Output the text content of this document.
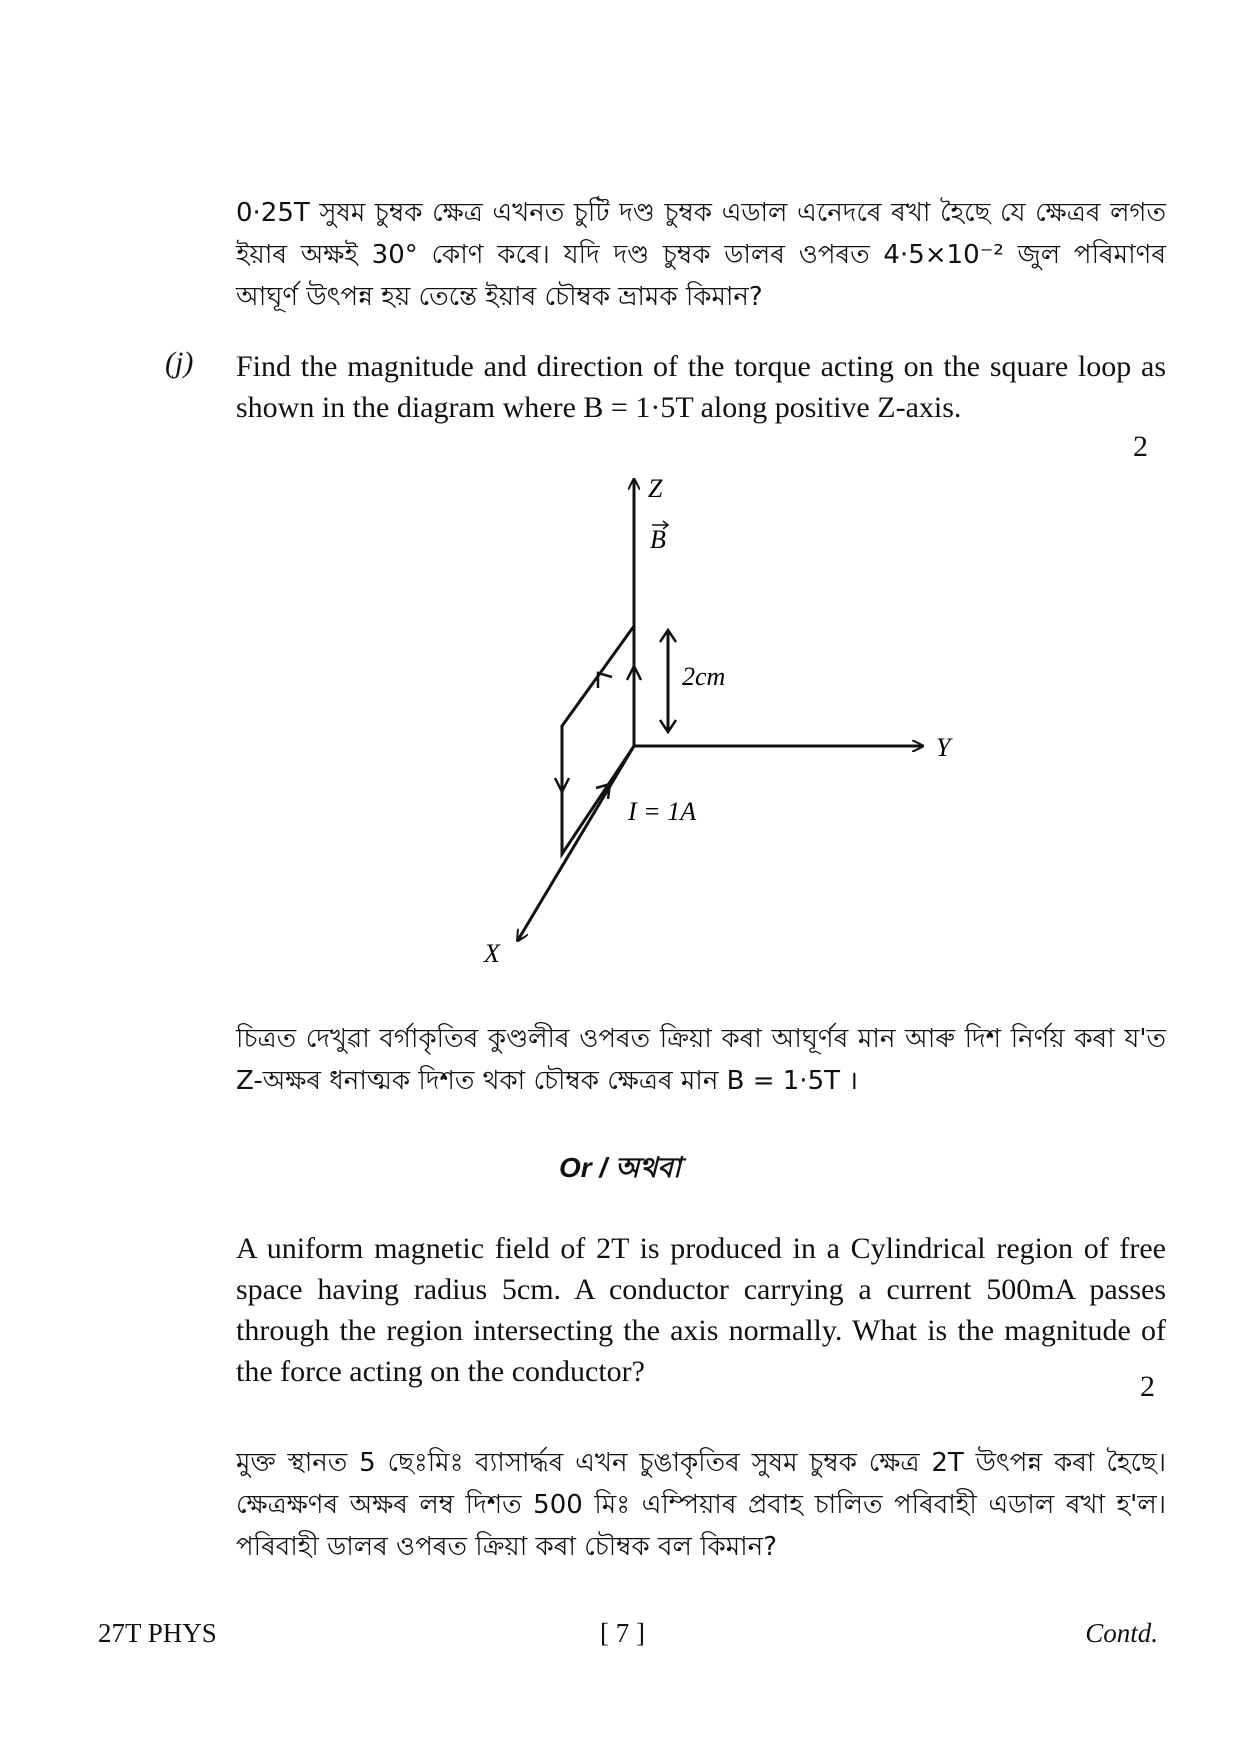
0·25T সুষম চুম্বক ক্ষেত্র এখনত চুটি দণ্ড চুম্বক এডাল এনেদৰে ৰখা হৈছে যে ক্ষেত্রৰ লগত ইয়াৰ অক্ষই 30° কোণ কৰে। যদি দণ্ড চুম্বক ডালৰ ওপৰত 4·5×10⁻² জুল পৰিমাণৰ আঘূৰ্ণ উৎপন্ন হয় তেন্তে ইয়াৰ চৌম্বক ভ্ৰামক কিমান?
(j) Find the magnitude and direction of the torque acting on the square loop as shown in the diagram where B = 1·5T along positive Z-axis.
2
Z
B
2cm
Y
I = 1A
X
চিত্রত দেখুৱা বৰ্গাকৃতিৰ কুণ্ডলীৰ ওপৰত ক্রিয়া কৰা আঘূৰ্ণৰ মান আৰু দিশ নিৰ্ণয় কৰা য'ত Z-অক্ষৰ ধনাত্মক দিশত থকা চৌম্বক ক্ষেত্রৰ মান B = 1·5T ।
Or / অথবা
A uniform magnetic field of 2T is produced in a Cylindrical region of free space having radius 5cm. A conductor carrying a current 500mA passes through the region intersecting the axis normally. What is the magnitude of the force acting on the conductor?	2
মুক্ত স্থানত 5 ছেঃমিঃ ব্যাসাৰ্দ্ধৰ এখন চুঙাকৃতিৰ সুষম চুম্বক ক্ষেত্র 2T উৎপন্ন কৰা হৈছে। ক্ষেত্রক্ষণৰ অক্ষৰ লম্ব দিশত 500 মিঃ এম্পিয়াৰ প্ৰবাহ চালিত পৰিবাহী এডাল ৰখা হ'ল। পৰিবাহী ডালৰ ওপৰত ক্রিয়া কৰা চৌম্বক বল কিমান?
27T PHYS	[ 7 ]	Contd.
